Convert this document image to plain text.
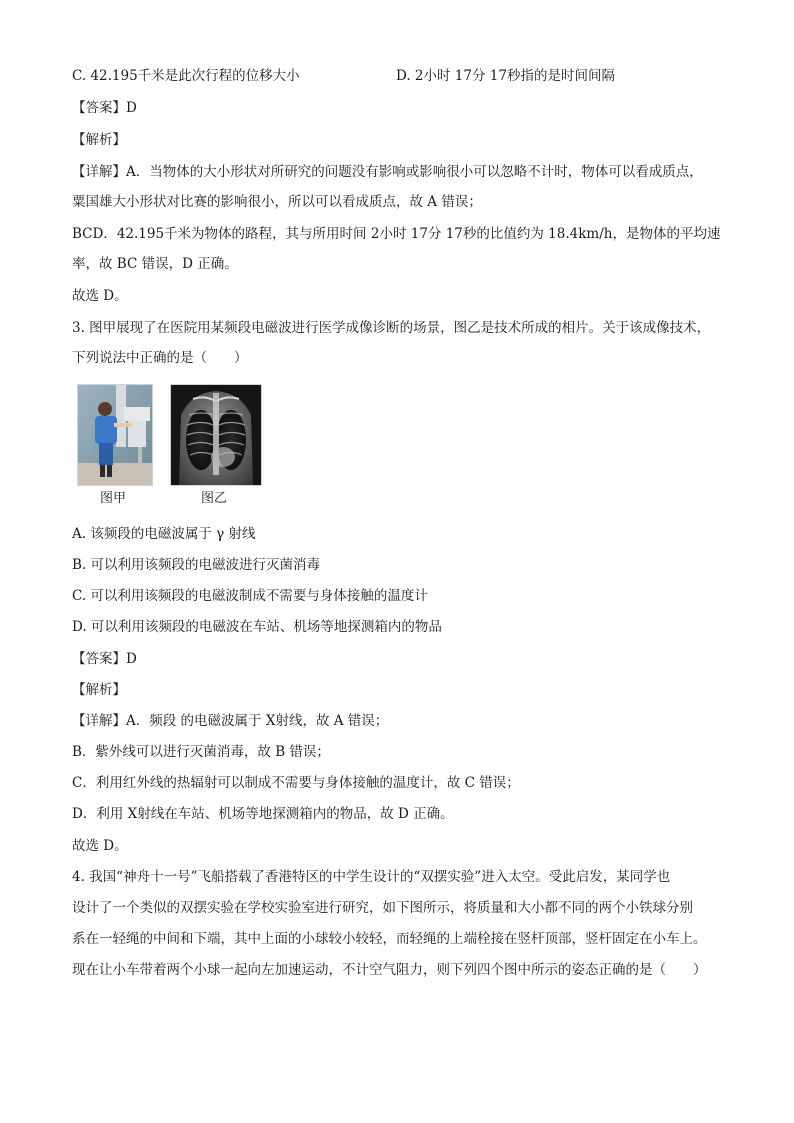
C. 42.195千米是此次行程的位移大小	D. 2小时 17分 17秒指的是时间间隔
【答案】D
【解析】
【详解】A．当物体的大小形状对所研究的问题没有影响或影响很小可以忽略不计时，物体可以看成质点，
粟国雄大小形状对比赛的影响很小，所以可以看成质点，故 A 错误；
BCD．42.195千米为物体的路程，其与所用时间 2小时 17分 17秒的比值约为 18.4km/h，是物体的平均速
率，故 BC 错误，D 正确。
故选 D。
3. 图甲展现了在医院用某频段电磁波进行医学成像诊断的场景，图乙是技术所成的相片。关于该成像技术，
下列说法中正确的是（　　）
图甲	图乙
A. 该频段的电磁波属于 γ 射线
B. 可以利用该频段的电磁波进行灭菌消毒
C. 可以利用该频段的电磁波制成不需要与身体接触的温度计
D. 可以利用该频段的电磁波在车站、机场等地探测箱内的物品
【答案】D
【解析】
【详解】A．频段 的电磁波属于 X射线，故 A 错误；
B．紫外线可以进行灭菌消毒，故 B 错误；
C．利用红外线的热辐射可以制成不需要与身体接触的温度计，故 C 错误；
D．利用 X射线在车站、机场等地探测箱内的物品，故 D 正确。
故选 D。
4. 我国“神舟十一号”飞船搭载了香港特区的中学生设计的“双摆实验”进入太空。受此启发，某同学也
设计了一个类似的双摆实验在学校实验室进行研究，如下图所示，将质量和大小都不同的两个小铁球分别
系在一轻绳的中间和下端，其中上面的小球较小较轻，而轻绳的上端栓接在竖杆顶部，竖杆固定在小车上。
现在让小车带着两个小球一起向左加速运动，不计空气阻力，则下列四个图中所示的姿态正确的是（　　）
